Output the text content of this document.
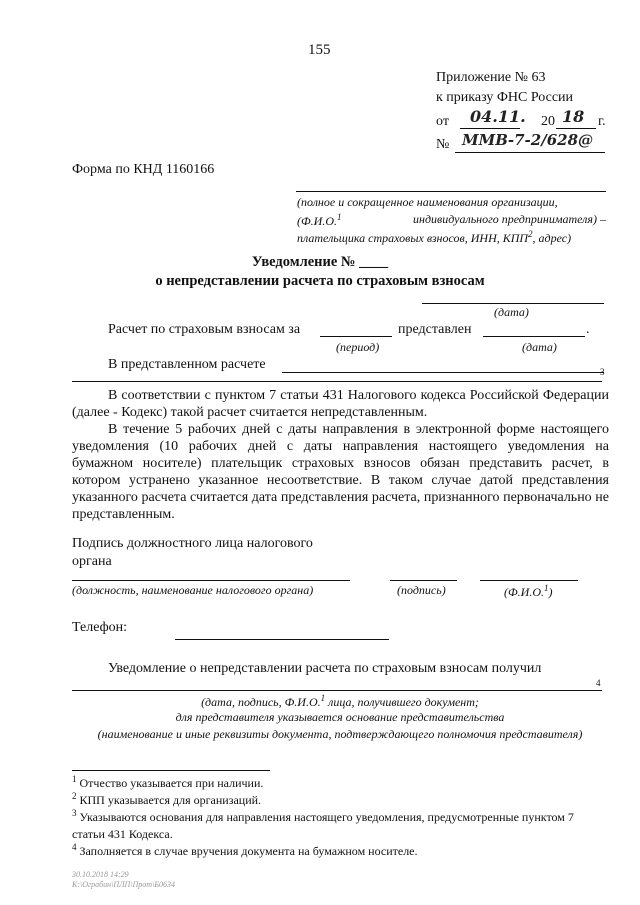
155
Приложение № 63
к приказу ФНС России
от 04.11. 20 18 г.
№ ММВ-7-2/628@
Форма по КНД 1160166
(полное и сокращенное наименования организации,
(Ф.И.О.$^1$	индивидуального предпринимателя) –
плательщика страховых взносов, ИНН, КПП$^2$, адрес)
Уведомление № ____
о непредставлении расчета по страховым взносам
(дата)
Расчет по страховым взносам за	представлен	.
(период)	(дата)
В представленном расчете	3
В соответствии с пунктом 7 статьи 431 Налогового кодекса Российской Федерации (далее - Кодекс) такой расчет считается непредставленным.
В течение 5 рабочих дней с даты направления в электронной форме настоящего уведомления (10 рабочих дней с даты направления настоящего уведомления на бумажном носителе) плательщик страховых взносов обязан представить расчет, в котором устранено указанное несоответствие. В таком случае датой представления указанного расчета считается дата представления расчета, признанного первоначально не представленным.
Подпись должностного лица налогового
органа
(должность, наименование налогового органа)	(подпись)	(Ф.И.О.$^1$)
Телефон:
Уведомление о непредставлении расчета по страховым взносам получил
4
(дата, подпись, Ф.И.О.$^1$ лица, получившего документ;
для представителя указывается основание представительства
(наименование и иные реквизиты документа, подтверждающего полномочия представителя)
$^1$ Отчество указывается при наличии.
$^2$ КПП указывается для организаций.
$^3$ Указываются основания для направления настоящего уведомления, предусмотренные пунктом 7
статьи 431 Кодекса.
$^4$ Заполняется в случае вручения документа на бумажном носителе.
30.10.2018 14:29
К:\Ограбин\ПЛП\Прот\Б0634
